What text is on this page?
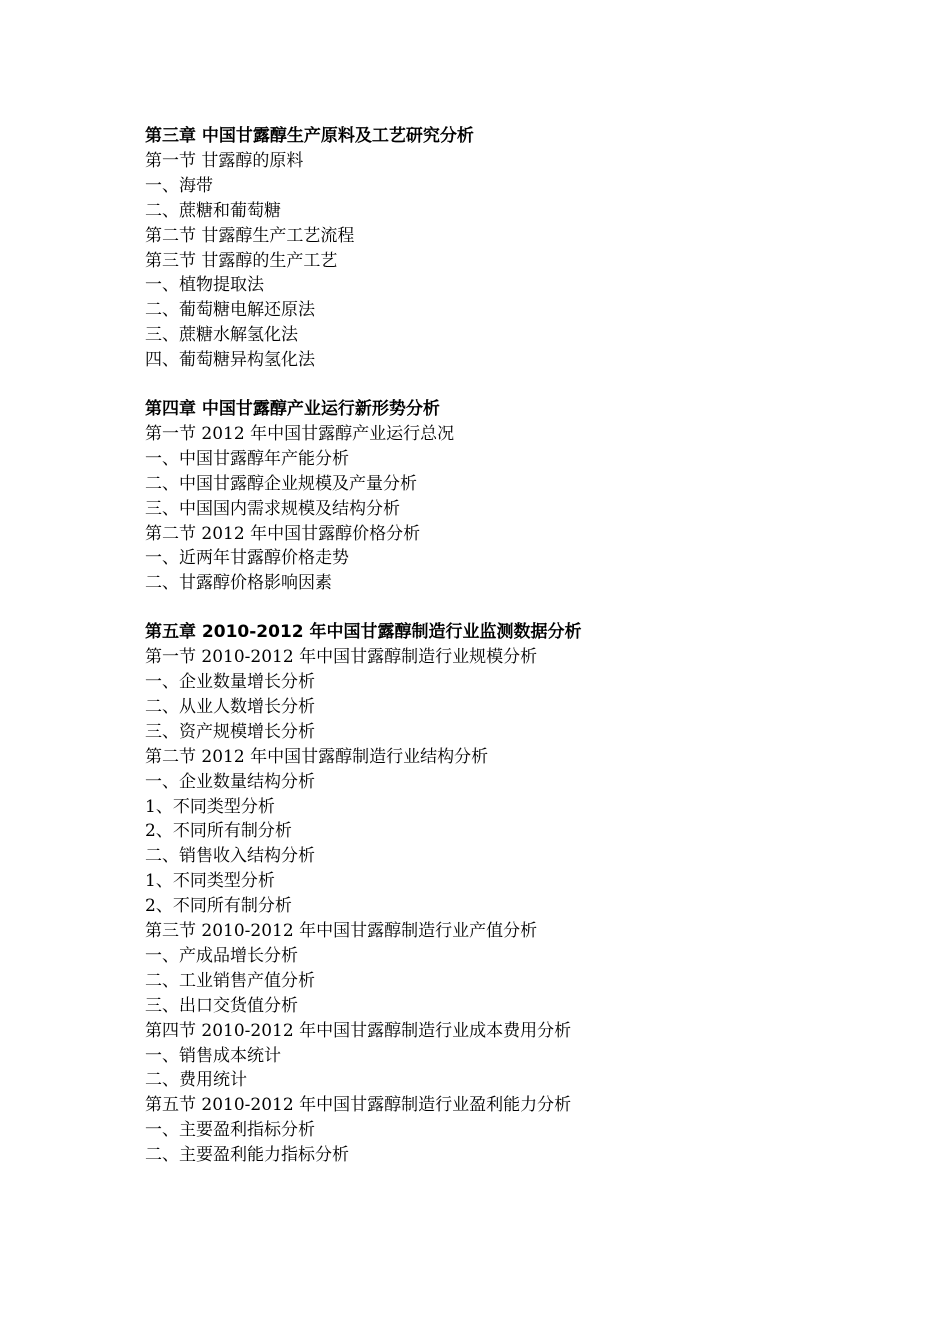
第三章 中国甘露醇生产原料及工艺研究分析
第一节 甘露醇的原料
一、海带
二、蔗糖和葡萄糖
第二节 甘露醇生产工艺流程
第三节 甘露醇的生产工艺
一、植物提取法
二、葡萄糖电解还原法
三、蔗糖水解氢化法
四、葡萄糖异构氢化法
第四章 中国甘露醇产业运行新形势分析
第一节 2012 年中国甘露醇产业运行总况
一、中国甘露醇年产能分析
二、中国甘露醇企业规模及产量分析
三、中国国内需求规模及结构分析
第二节 2012 年中国甘露醇价格分析
一、近两年甘露醇价格走势
二、甘露醇价格影响因素
第五章 2010-2012 年中国甘露醇制造行业监测数据分析
第一节 2010-2012 年中国甘露醇制造行业规模分析
一、企业数量增长分析
二、从业人数增长分析
三、资产规模增长分析
第二节 2012 年中国甘露醇制造行业结构分析
一、企业数量结构分析
1、不同类型分析
2、不同所有制分析
二、销售收入结构分析
1、不同类型分析
2、不同所有制分析
第三节 2010-2012 年中国甘露醇制造行业产值分析
一、产成品增长分析
二、工业销售产值分析
三、出口交货值分析
第四节 2010-2012 年中国甘露醇制造行业成本费用分析
一、销售成本统计
二、费用统计
第五节 2010-2012 年中国甘露醇制造行业盈利能力分析
一、主要盈利指标分析
二、主要盈利能力指标分析
